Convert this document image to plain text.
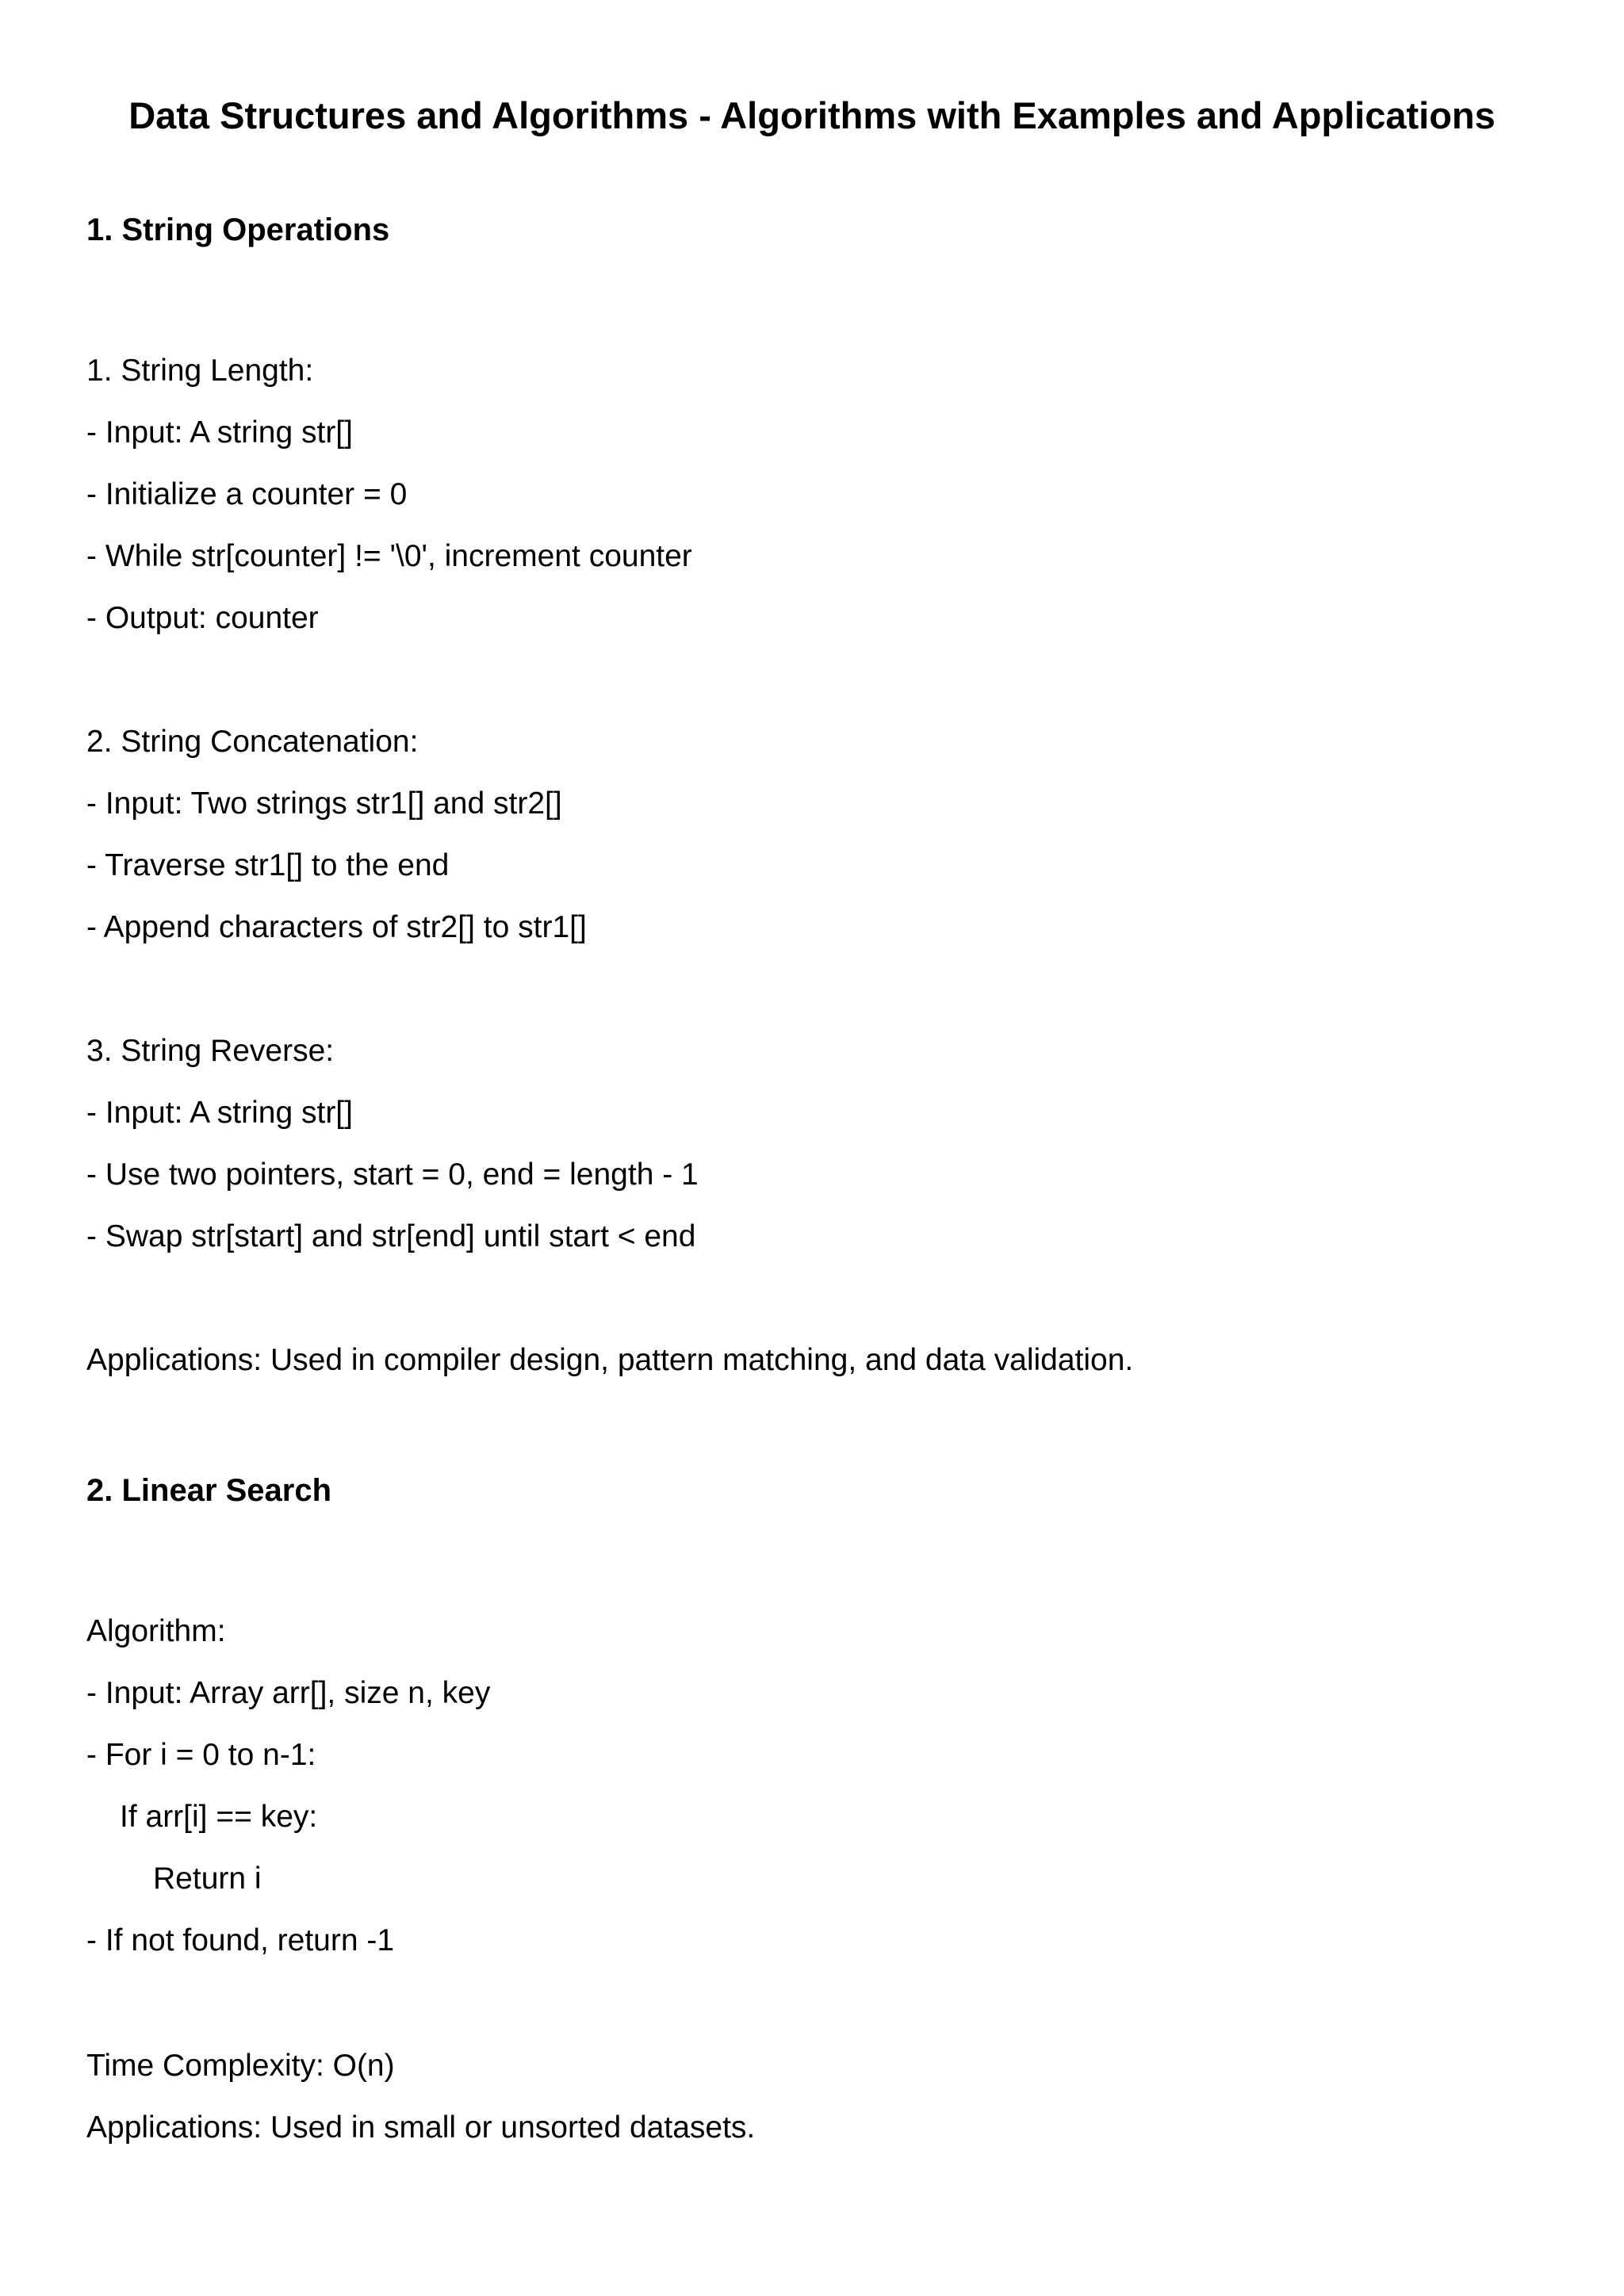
Data Structures and Algorithms - Algorithms with Examples and Applications
1. String Operations
1. String Length:
- Input: A string str[]
- Initialize a counter = 0
- While str[counter] != '\0', increment counter
- Output: counter
2. String Concatenation:
- Input: Two strings str1[] and str2[]
- Traverse str1[] to the end
- Append characters of str2[] to str1[]
3. String Reverse:
- Input: A string str[]
- Use two pointers, start = 0, end = length - 1
- Swap str[start] and str[end] until start < end
Applications: Used in compiler design, pattern matching, and data validation.
2. Linear Search
Algorithm:
- Input: Array arr[], size n, key
- For i = 0 to n-1:
If arr[i] == key:
Return i
- If not found, return -1
Time Complexity: O(n)
Applications: Used in small or unsorted datasets.
